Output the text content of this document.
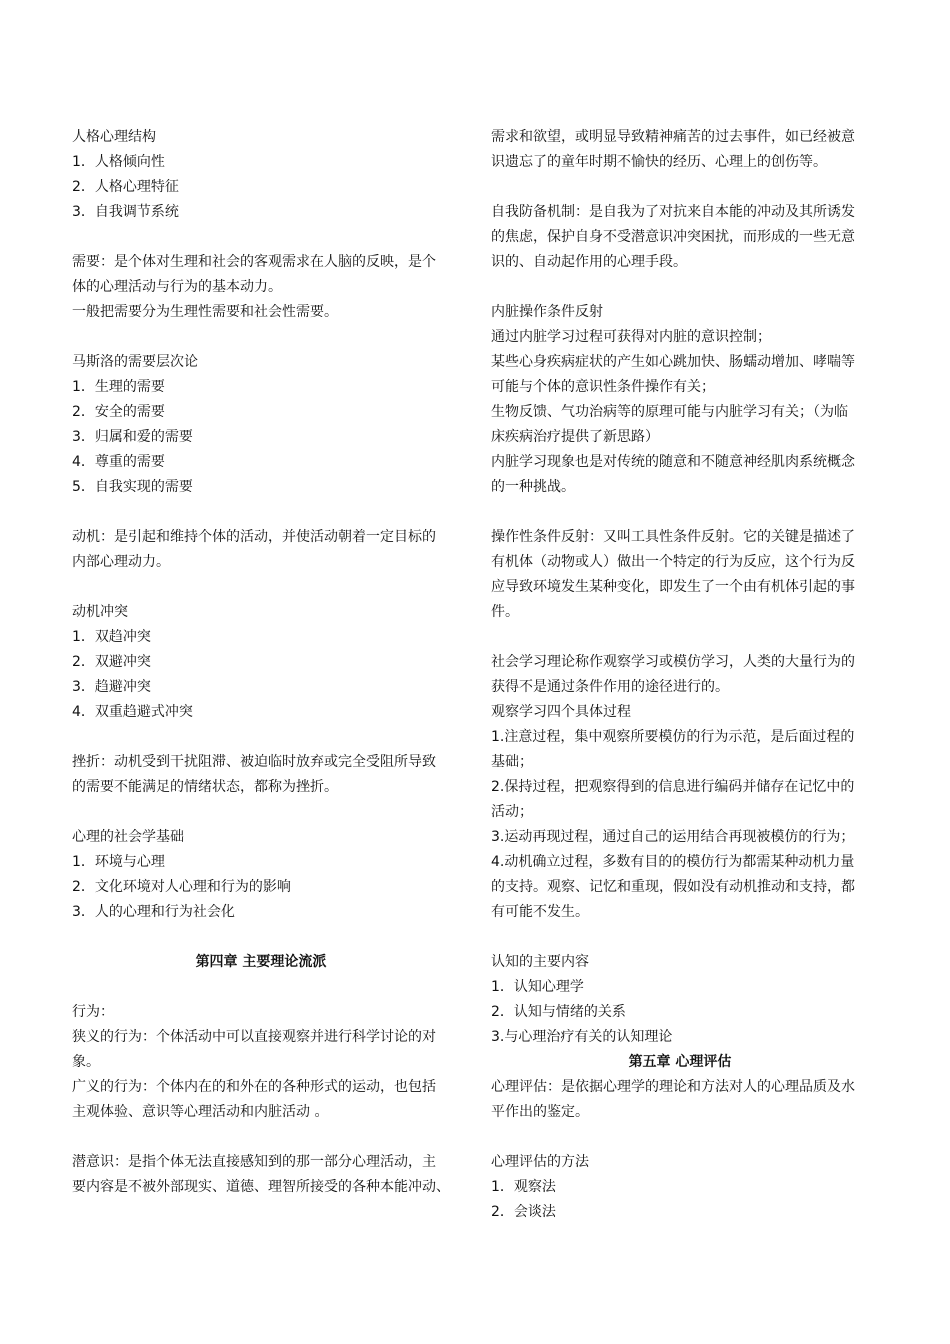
人格心理结构
1．人格倾向性
2．人格心理特征
3．自我调节系统
需要：是个体对生理和社会的客观需求在人脑的反映，是个
体的心理活动与行为的基本动力。
一般把需要分为生理性需要和社会性需要。
马斯洛的需要层次论
1．生理的需要
2．安全的需要
3．归属和爱的需要
4．尊重的需要
5．自我实现的需要
动机：是引起和维持个体的活动，并使活动朝着一定目标的
内部心理动力。
动机冲突
1．双趋冲突
2．双避冲突
3．趋避冲突
4．双重趋避式冲突
挫折：动机受到干扰阻滞、被迫临时放弃或完全受阻所导致
的需要不能满足的情绪状态，都称为挫折。
心理的社会学基础
1．环境与心理
2．文化环境对人心理和行为的影响
3．人的心理和行为社会化
第四章 主要理论流派
行为：
狭义的行为：个体活动中可以直接观察并进行科学讨论的对
象。
广义的行为：个体内在的和外在的各种形式的运动，也包括
主观体验、意识等心理活动和内脏活动 。
潜意识：是指个体无法直接感知到的那一部分心理活动，主
要内容是不被外部现实、道德、理智所接受的各种本能冲动、
需求和欲望，或明显导致精神痛苦的过去事件，如已经被意
识遗忘了的童年时期不愉快的经历、心理上的创伤等。
自我防备机制：是自我为了对抗来自本能的冲动及其所诱发
的焦虑，保护自身不受潜意识冲突困扰，而形成的一些无意
识的、自动起作用的心理手段。
内脏操作条件反射
通过内脏学习过程可获得对内脏的意识控制；
某些心身疾病症状的产生如心跳加快、肠蠕动增加、哮喘等
可能与个体的意识性条件操作有关；
生物反馈、气功治病等的原理可能与内脏学习有关；（为临
床疾病治疗提供了新思路）
内脏学习现象也是对传统的随意和不随意神经肌肉系统概念
的一种挑战。
操作性条件反射：又叫工具性条件反射。它的关键是描述了
有机体（动物或人）做出一个特定的行为反应，这个行为反
应导致环境发生某种变化，即发生了一个由有机体引起的事
件。
社会学习理论称作观察学习或模仿学习，人类的大量行为的
获得不是通过条件作用的途径进行的。
观察学习四个具体过程
1.注意过程，集中观察所要模仿的行为示范，是后面过程的
基础；
2.保持过程，把观察得到的信息进行编码并储存在记忆中的
活动；
3.运动再现过程，通过自己的运用结合再现被模仿的行为；
4.动机确立过程，多数有目的的模仿行为都需某种动机力量
的支持。观察、记忆和重现，假如没有动机推动和支持，都
有可能不发生。
认知的主要内容
1．认知心理学
2．认知与情绪的关系
3.与心理治疗有关的认知理论
第五章 心理评估
心理评估：是依据心理学的理论和方法对人的心理品质及水
平作出的鉴定。
心理评估的方法
1．观察法
2．会谈法
